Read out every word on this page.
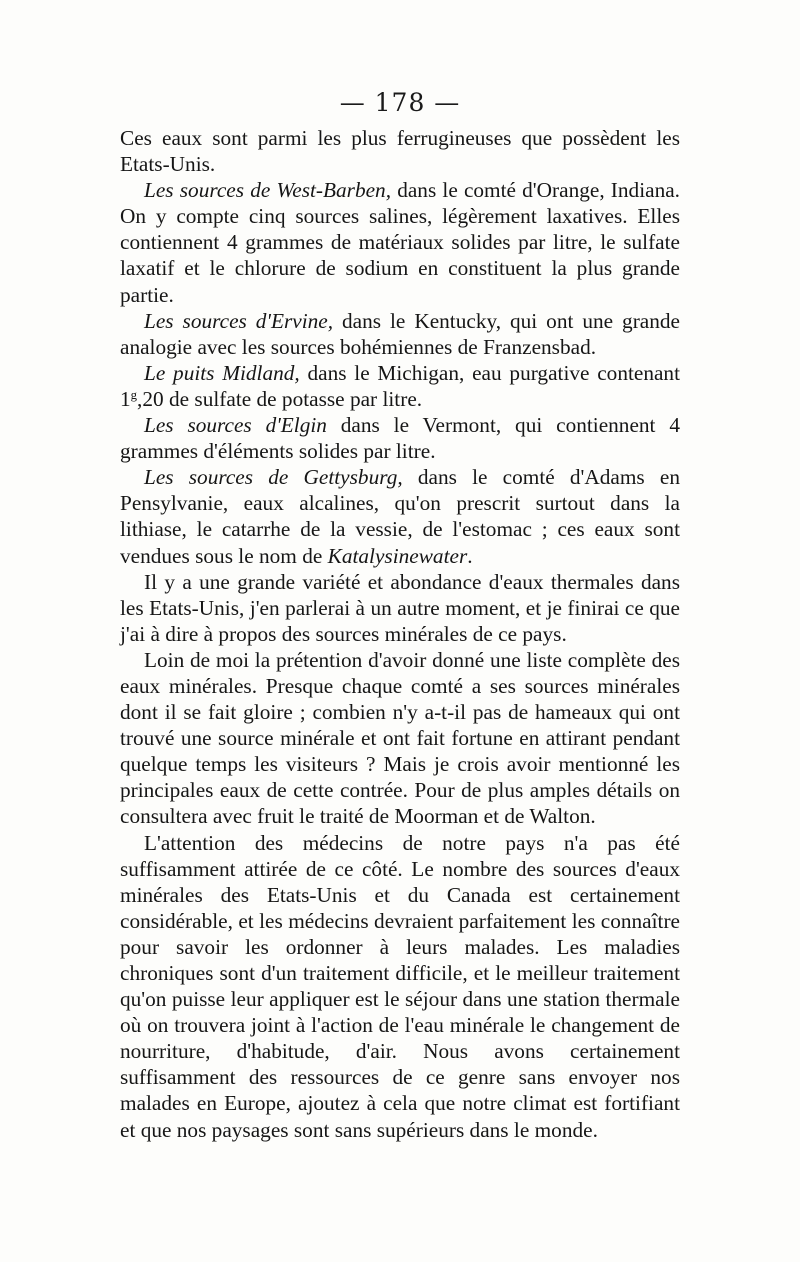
— 178 —

Ces eaux sont parmi les plus ferrugineuses que possèdent les Etats-Unis.

Les sources de West-Barben, dans le comté d'Orange, Indiana. On y compte cinq sources salines, légèrement laxatives. Elles contiennent 4 grammes de matériaux solides par litre, le sulfate laxatif et le chlorure de sodium en constituent la plus grande partie.

Les sources d'Ervine, dans le Kentucky, qui ont une grande analogie avec les sources bohémiennes de Franzensbad.

Le puits Midland, dans le Michigan, eau purgative contenant 1$^g$,20 de sulfate de potasse par litre.

Les sources d'Elgin dans le Vermont, qui contiennent 4 grammes d'éléments solides par litre.

Les sources de Gettysburg, dans le comté d'Adams en Pensylvanie, eaux alcalines, qu'on prescrit surtout dans la lithiase, le catarrhe de la vessie, de l'estomac ; ces eaux sont vendues sous le nom de Katalysinewater.

Il y a une grande variété et abondance d'eaux thermales dans les Etats-Unis, j'en parlerai à un autre moment, et je finirai ce que j'ai à dire à propos des sources minérales de ce pays.

Loin de moi la prétention d'avoir donné une liste complète des eaux minérales. Presque chaque comté a ses sources minérales dont il se fait gloire ; combien n'y a-t-il pas de hameaux qui ont trouvé une source minérale et ont fait fortune en attirant pendant quelque temps les visiteurs ? Mais je crois avoir mentionné les principales eaux de cette contrée. Pour de plus amples détails on consultera avec fruit le traité de Moorman et de Walton.

L'attention des médecins de notre pays n'a pas été suffisamment attirée de ce côté. Le nombre des sources d'eaux minérales des Etats-Unis et du Canada est certainement considérable, et les médecins devraient parfaitement les connaître pour savoir les ordonner à leurs malades. Les maladies chroniques sont d'un traitement difficile, et le meilleur traitement qu'on puisse leur appliquer est le séjour dans une station thermale où on trouvera joint à l'action de l'eau minérale le changement de nourriture, d'habitude, d'air. Nous avons certainement suffisamment des ressources de ce genre sans envoyer nos malades en Europe, ajoutez à cela que notre climat est fortifiant et que nos paysages sont sans supérieurs dans le monde.
